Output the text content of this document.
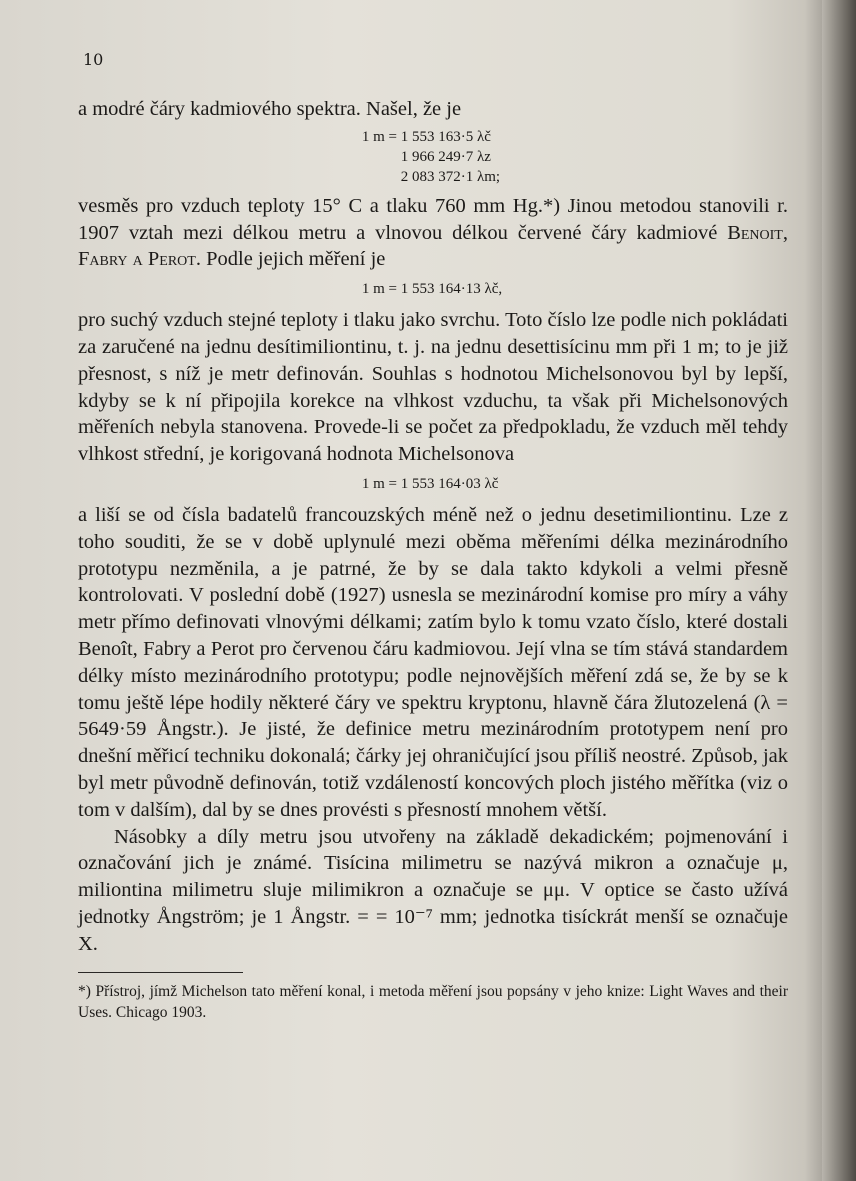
10

a modré čáry kadmiového spektra. Našel, že je

1 m = 1 553 163·5 λč
1 966 249·7 λz
2 083 372·1 λm;

vesměs pro vzduch teploty 15° C a tlaku 760 mm Hg.*) Jinou metodou stanovili r. 1907 vztah mezi délkou metru a vlnovou délkou červené čáry kadmiové Benoit, Fabry a Perot. Podle jejich měření je

1 m = 1 553 164·13 λč,

pro suchý vzduch stejné teploty i tlaku jako svrchu. Toto číslo lze podle nich pokládati za zaručené na jednu desítimiliontinu, t. j. na jednu desettisícinu mm při 1 m; to je již přesnost, s níž je metr definován. Souhlas s hodnotou Michelsonovou byl by lepší, kdyby se k ní připojila korekce na vlhkost vzduchu, ta však při Michelsonových měřeních nebyla stanovena. Provede-li se počet za předpokladu, že vzduch měl tehdy vlhkost střední, je korigovaná hodnota Michelsonova

1 m = 1 553 164·03 λč

a liší se od čísla badatelů francouzských méně než o jednu desetimiliontinu. Lze z toho souditi, že se v době uplynulé mezi oběma měřeními délka mezinárodního prototypu nezměnila, a je patrné, že by se dala takto kdykoli a velmi přesně kontrolovati. V poslední době (1927) usnesla se mezinárodní komise pro míry a váhy metr přímo definovati vlnovými délkami; zatím bylo k tomu vzato číslo, které dostali Benoît, Fabry a Perot pro červenou čáru kadmiovou. Její vlna se tím stává standardem délky místo mezinárodního prototypu; podle nejnovějších měření zdá se, že by se k tomu ještě lépe hodily některé čáry ve spektru kryptonu, hlavně čára žlutozelená (λ = 5649·59 Ångstr.). Je jisté, že definice metru mezinárodním prototypem není pro dnešní měřicí techniku dokonalá; čárky jej ohraničující jsou příliš neostré. Způsob, jak byl metr původně definován, totiž vzdáleností koncových ploch jistého měřítka (viz o tom v dalším), dal by se dnes provésti s přesností mnohem větší.

Násobky a díly metru jsou utvořeny na základě dekadickém; pojmenování i označování jich je známé. Tisícina milimetru se nazývá mikron a označuje μ, miliontina milimetru sluje milimikron a označuje se μμ. V optice se často užívá jednotky Ångström; je 1 Ångstr. = = 10⁻⁷ mm; jednotka tisíckrát menší se označuje X.

*) Přístroj, jímž Michelson tato měření konal, i metoda měření jsou popsány v jeho knize: Light Waves and their Uses. Chicago 1903.
